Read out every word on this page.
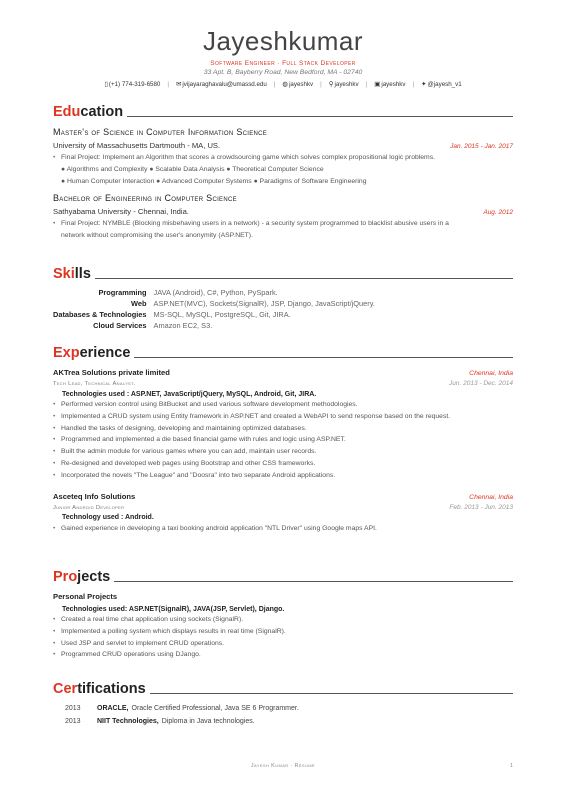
Jayeshkumar
Software Engineer · Full Stack Developer
33 Apt. B, Bayberry Road, New Bedford, MA - 02740
▯(+1) 774-319-6580 | ✉jvijayaraghavalu@umassd.edu | ◍jayeshkv | ⚲jayeshkv | ▣jayeshkv | ✦@jayesh_v1
Edu cation
Master's of Science in Computer Information Science
University of Massachusetts Dartmouth - MA, US.	Jan. 2015 - Jan. 2017
• Final Project: Implement an Algorithm that scores a crowdsourcing game which solves complex propositional logic problems.
● Algorithms and Complexity ● Scalable Data Analysis ● Theoretical Computer Science
● Human Computer Interaction ● Advanced Computer Systems ● Paradigms of Software Engineering
Bachelor of Engineering in Computer Science
Sathyabama University - Chennai, India.	Aug. 2012
• Final Project: NYMBLE (Blocking misbehaving users in a network) - a security system programmed to blacklist abusive users in a
network without compromising the user's anonymity (ASP.NET).
Ski lls
Programming	JAVA (Android), C#, Python, PySpark.
Web	ASP.NET(MVC), Sockets(SignalR), JSP, Django, JavaScript/jQuery.
Databases & Technologies	MS-SQL, MySQL, PostgreSQL, Git, JIRA.
Cloud Services	Amazon EC2, S3.
Exp erience
AKTrea Solutions private limited	Chennai, India
Tech Lead, Technical Analyst.	Jun. 2013 - Dec. 2014
Technologies used : ASP.NET, JavaScript/jQuery, MySQL, Android, Git, JIRA.
• Performed version control using BitBucket and used various software development methodologies.
• Implemented a CRUD system using Entity framework in ASP.NET and created a WebAPI to send response based on the request.
• Handled the tasks of designing, developing and maintaining optimized databases.
• Programmed and implemented a die based financial game with rules and logic using ASP.NET.
• Built the admin module for various games where you can add, maintain user records.
• Re-designed and developed web pages using Bootstrap and other CSS frameworks.
• Incorporated the novels "The League" and "Doosra" into two separate Android applications.
Asceteq Info Solutions	Chennai, India
Junior Android Developer	Feb. 2013 - Jun. 2013
Technology used : Android.
• Gained experience in developing a taxi booking android application "NTL Driver" using Google maps API.
Pro jects
Personal Projects
Technologies used: ASP.NET(SignalR), JAVA(JSP, Servlet), Django.
• Created a real time chat application using sockets (SignalR).
• Implemented a polling system which displays results in real time (SignalR).
• Used JSP and servlet to implement CRUD operations.
• Programmed CRUD operations using DJango.
Cer tifications
2013	ORACLE, Oracle Certified Professional, Java SE 6 Programmer.
2013	NIIT Technologies, Diploma in Java technologies.
Jayesh Kumar · Résumé	1
